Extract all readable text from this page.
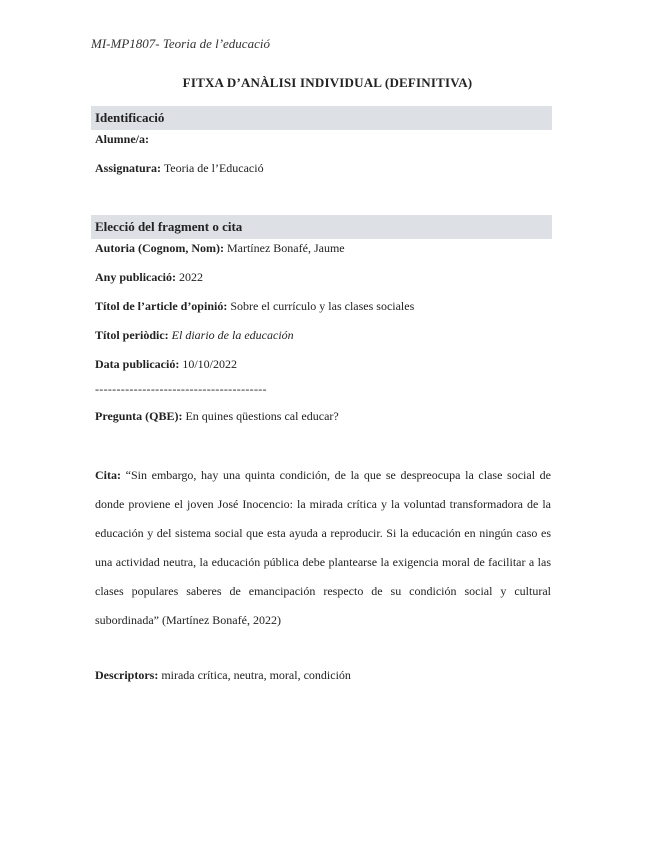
MI-MP1807- Teoria de l’educació
FITXA D’ANÀLISI INDIVIDUAL (DEFINITIVA)
Identificació
Alumne/a:
Assignatura: Teoria de l’Educació
Elecció del fragment o cita
Autoria (Cognom, Nom): Martínez Bonafé, Jaume
Any publicació: 2022
Títol de l’article d’opinió: Sobre el currículo y las clases sociales
Títol periòdic: El diario de la educación
Data publicació: 10/10/2022
----------------------------------------
Pregunta (QBE): En quines qüestions cal educar?
Cita: “Sin embargo, hay una quinta condición, de la que se despreocupa la clase social de donde proviene el joven José Inocencio: la mirada crítica y la voluntad transformadora de la educación y del sistema social que esta ayuda a reproducir. Si la educación en ningún caso es una actividad neutra, la educación pública debe plantearse la exigencia moral de facilitar a las clases populares saberes de emancipación respecto de su condición social y cultural subordinada” (Martínez Bonafé, 2022)
Descriptors: mirada crítica, neutra, moral, condición
